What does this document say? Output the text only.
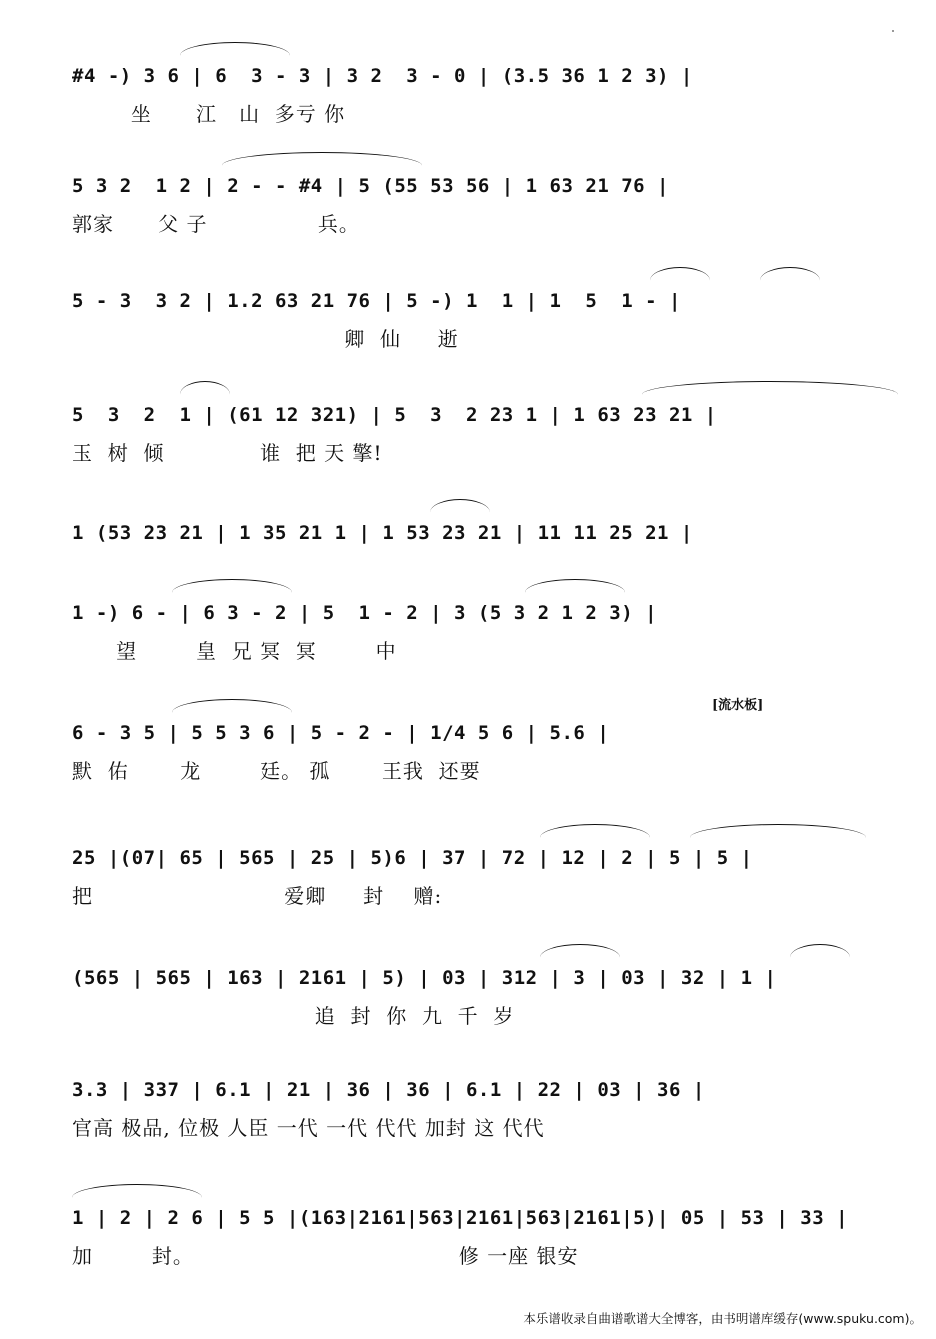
#4 -) 3 6 | 6  3 - 3 | 3 2  3 - 0 | (3.5 36 1 2 3) |
坐      江   山  多亏 你
5 3 2  1 2 | 2 - - #4 | 5 (55 53 56 | 1 63 21 76 |
郭家      父 子               兵。
5 - 3  3 2 | 1.2 63 21 76 | 5 -) 1  1 | 1  5  1 - |
卿  仙     逝
5  3  2  1 | (61 12 321) | 5  3  2 23 1 | 1 63 23 21 |
玉  树  倾             谁  把 天 擎!
1 (53 23 21 | 1 35 21 1 | 1 53 23 21 | 11 11 25 21 |
1 -) 6 - | 6 3 - 2 | 5  1 - 2 | 3 (5 3 2 1 2 3) |
望        皇  兄 冥  冥        中
[流水板]
6 - 3 5 | 5 5 3 6 | 5 - 2 - | 1/4 5 6 | 5.6 |
默  佑       龙        廷。 孤       王我  还要
25 |(07| 65 | 565 | 25 | 5)6 | 37 | 72 | 12 | 2 | 5 | 5 |
把                          爱卿     封    赠:
(565 | 565 | 163 | 2161 | 5) | 03 | 312 | 3 | 03 | 32 | 1 |
追  封  你  九  千  岁
3.3 | 337 | 6.1 | 21 | 36 | 36 | 6.1 | 22 | 03 | 36 |
官高 极品, 位极 人臣 一代 一代 代代 加封 这 代代
1 | 2 | 2 6 | 5 5 |(163|2161|563|2161|563|2161|5)| 05 | 53 | 33 |
加        封。                                    修 一座 银安
本乐谱收录自曲谱歌谱大全博客，由书明谱库缓存(www.spuku.com)。
